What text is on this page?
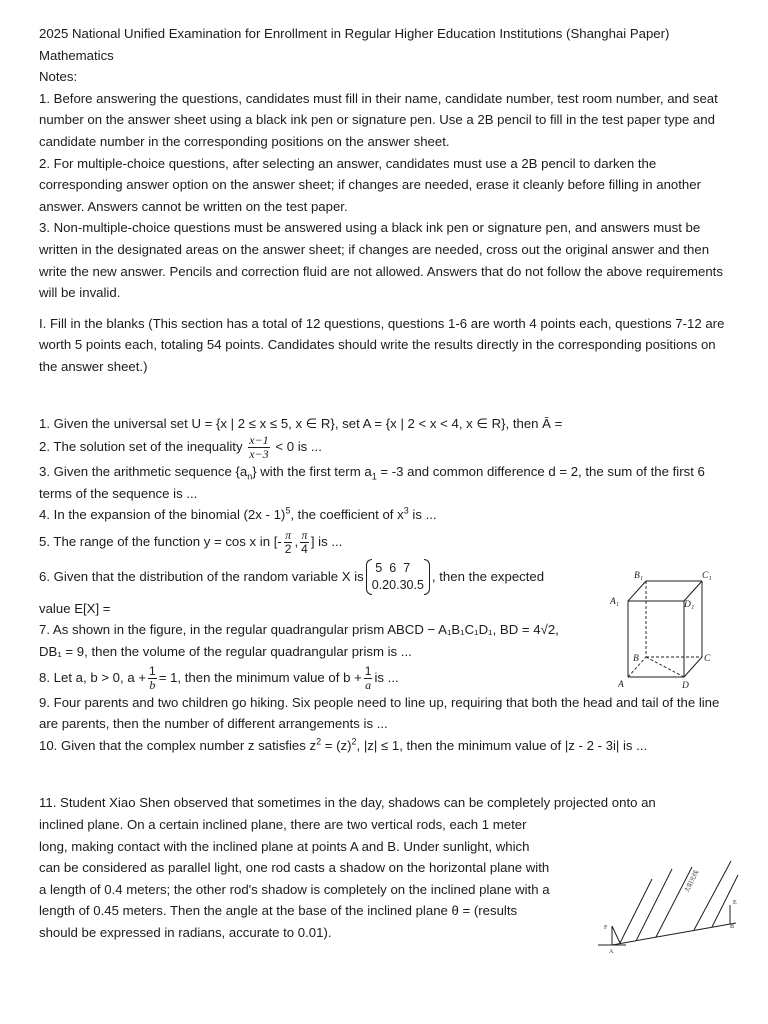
2025 National Unified Examination for Enrollment in Regular Higher Education Institutions (Shanghai Paper)

Mathematics

Notes:

1. Before answering the questions, candidates must fill in their name, candidate number, test room number, and seat number on the answer sheet using a black ink pen or signature pen. Use a 2B pencil to fill in the test paper type and candidate number in the corresponding positions on the answer sheet.

2. For multiple-choice questions, after selecting an answer, candidates must use a 2B pencil to darken the corresponding answer option on the answer sheet; if changes are needed, erase it cleanly before filling in another answer. Answers cannot be written on the test paper.

3. Non-multiple-choice questions must be answered using a black ink pen or signature pen, and answers must be written in the designated areas on the answer sheet; if changes are needed, cross out the original answer and then write the new answer. Pencils and correction fluid are not allowed. Answers that do not follow the above requirements will be invalid.

I. Fill in the blanks (This section has a total of 12 questions, questions 1-6 are worth 4 points each, questions 7-12 are worth 5 points each, totaling 54 points. Candidates should write the results directly in the corresponding positions on the answer sheet.)

1. Given the universal set U = {x | 2 ≤ x ≤ 5, x ∈ R}, set A = {x | 2 < x < 4, x ∈ R}, then Ā =

2. The solution set of the inequality $\frac{x-1}{x-3} < 0$ is ...

3. Given the arithmetic sequence $\{a_n\}$ with the first term $a_1 = -3$ and common difference d = 2, the sum of the first 6 terms of the sequence is ...

4. In the expansion of the binomial (2x - 1)$^5$, the coefficient of $x^3$ is ...

5. The range of the function y = cos x in [- $\frac{\pi}{2}$ , $\frac{\pi}{4}$ ] is ...

6. Given that the distribution of the random variable X is
5 6 7
0.2 0.3 0.5
, then the expected

value E[X] =

7. As shown in the figure, in the regular quadrangular prism ABCD − A₁B₁C₁D₁, BD = 4√2,

DB₁ = 9, then the volume of the regular quadrangular prism is ...

8. Let a, b > 0, $a + \frac{1}{b} = 1$, then the minimum value of $b + \frac{1}{a}$ is ...

9. Four parents and two children go hiking. Six people need to line up, requiring that both the head and tail of the line are parents, then the number of different arrangements is ...

10. Given that the complex number z satisfies $z^2 = (z)^2$, |z| ≤ 1, then the minimum value of |z - 2 - 3i| is ...

11. Student Xiao Shen observed that sometimes in the day, shadows can be completely projected onto an

inclined plane. On a certain inclined plane, there are two vertical rods, each 1 meter

long, making contact with the inclined plane at points A and B. Under sunlight, which

can be considered as parallel light, one rod casts a shadow on the horizontal plane with

a length of 0.4 meters; the other rod's shadow is completely on the inclined plane with a

length of 0.45 meters. Then the angle at the base of the inclined plane θ = (results

should be expressed in radians, accurate to 0.01).

B₁	C₁
A₁	D₁
B	C
A	D
太阳光线
E
F
A
B
